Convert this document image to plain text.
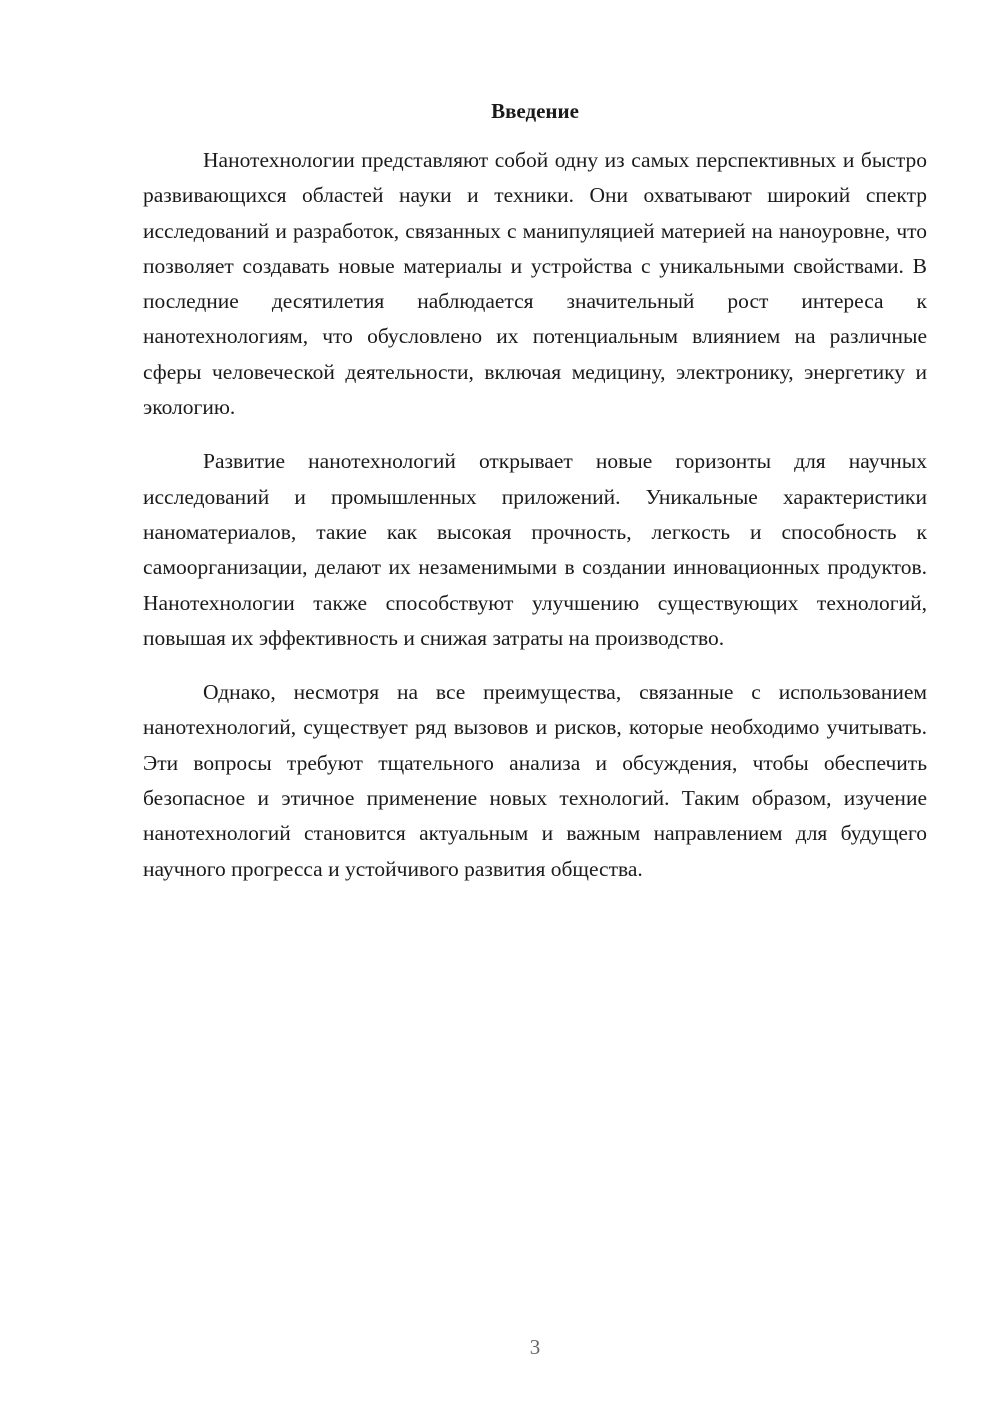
Введение

Нанотехнологии представляют собой одну из самых перспективных и быстро развивающихся областей науки и техники. Они охватывают широкий спектр исследований и разработок, связанных с манипуляцией материей на наноуровне, что позволяет создавать новые материалы и устройства с уникальными свойствами. В последние десятилетия наблюдается значительный рост интереса к нанотехнологиям, что обусловлено их потенциальным влиянием на различные сферы человеческой деятельности, включая медицину, электронику, энергетику и экологию.

Развитие нанотехнологий открывает новые горизонты для научных исследований и промышленных приложений. Уникальные характеристики наноматериалов, такие как высокая прочность, легкость и способность к самоорганизации, делают их незаменимыми в создании инновационных продуктов. Нанотехнологии также способствуют улучшению существующих технологий, повышая их эффективность и снижая затраты на производство.

Однако, несмотря на все преимущества, связанные с использованием нанотехнологий, существует ряд вызовов и рисков, которые необходимо учитывать. Эти вопросы требуют тщательного анализа и обсуждения, чтобы обеспечить безопасное и этичное применение новых технологий. Таким образом, изучение нанотехнологий становится актуальным и важным направлением для будущего научного прогресса и устойчивого развития общества.

3
